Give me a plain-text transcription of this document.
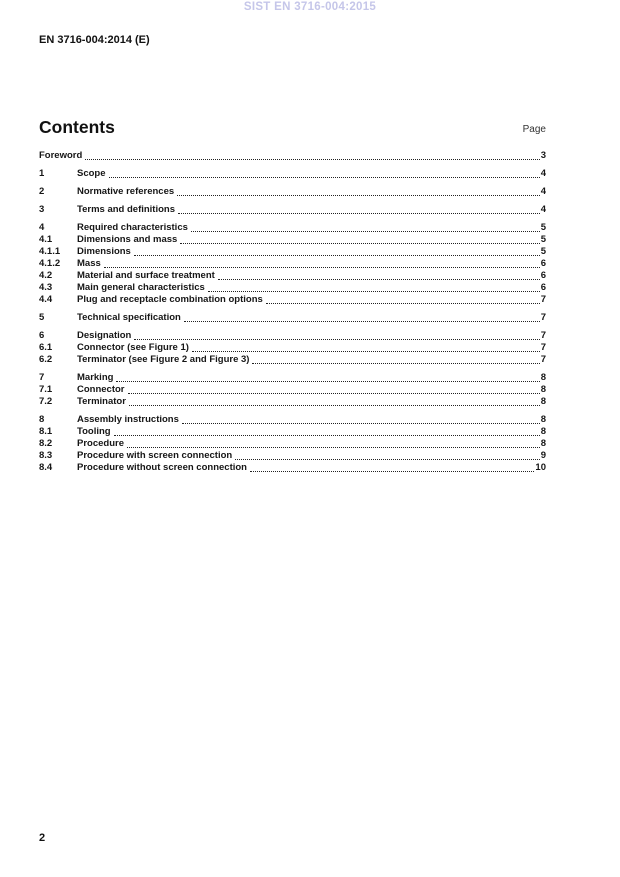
SIST EN 3716-004:2015
EN 3716-004:2014 (E)
Contents	Page
Foreword	3
1	Scope	4
2	Normative references	4
3	Terms and definitions	4
4	Required characteristics	5
4.1	Dimensions and mass	5
4.1.1	Dimensions	5
4.1.2	Mass	6
4.2	Material and surface treatment	6
4.3	Main general characteristics	6
4.4	Plug and receptacle combination options	7
5	Technical specification	7
6	Designation	7
6.1	Connector (see Figure 1)	7
6.2	Terminator (see Figure 2 and Figure 3)	7
7	Marking	8
7.1	Connector	8
7.2	Terminator	8
8	Assembly instructions	8
8.1	Tooling	8
8.2	Procedure	8
8.3	Procedure with screen connection	9
8.4	Procedure without screen connection	10
2
